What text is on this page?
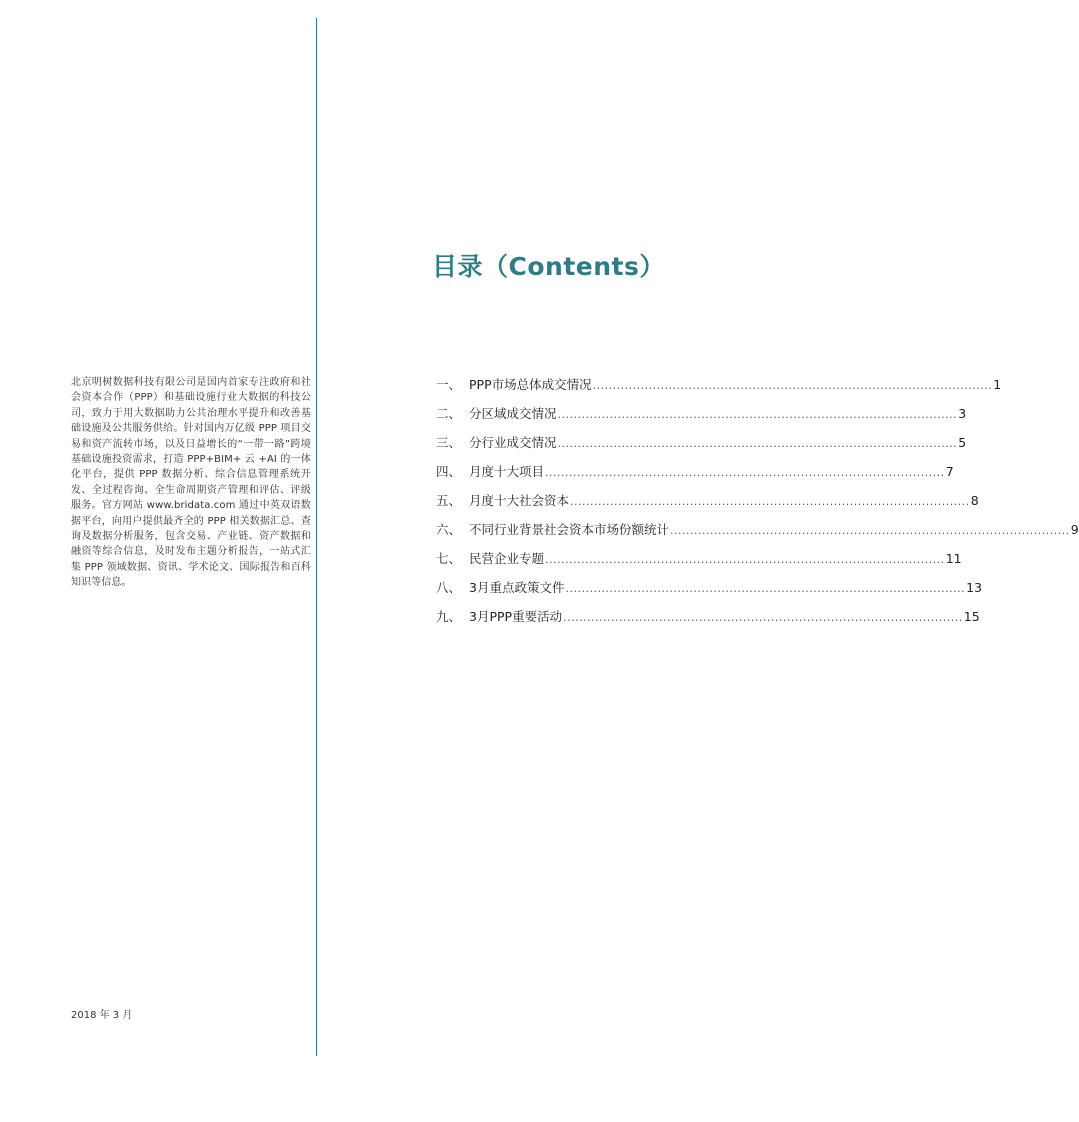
北京明树数据科技有限公司是国内首家专注政府和社会资本合作（PPP）和基础设施行业大数据的科技公司，致力于用大数据助力公共治理水平提升和改善基础设施及公共服务供给。针对国内万亿级 PPP 项目交易和资产流转市场，以及日益增长的“一带一路”跨境基础设施投资需求，打造 PPP+BIM+ 云 +AI 的一体化平台，提供 PPP 数据分析、综合信息管理系统开发、全过程咨询、全生命周期资产管理和评估、评级服务。官方网站 www.bridata.com 通过中英双语数据平台，向用户提供最齐全的 PPP 相关数据汇总、查询及数据分析服务，包含交易、产业链、资产数据和融资等综合信息，及时发布主题分析报告，一站式汇集 PPP 领域数据、资讯、学术论文、国际报告和百科知识等信息。
2018 年 3 月
目录（Contents）
一、 PPP市场总体成交情况 .................................................................................................... 1
二、 分区域成交情况 .................................................................................................... 3
三、 分行业成交情况 .................................................................................................... 5
四、 月度十大项目 .................................................................................................... 7
五、 月度十大社会资本 .................................................................................................... 8
六、 不同行业背景社会资本市场份额统计 .................................................................................................... 9
七、 民营企业专题 .................................................................................................... 11
八、 3月重点政策文件 .................................................................................................... 13
九、 3月PPP重要活动 .................................................................................................... 15
